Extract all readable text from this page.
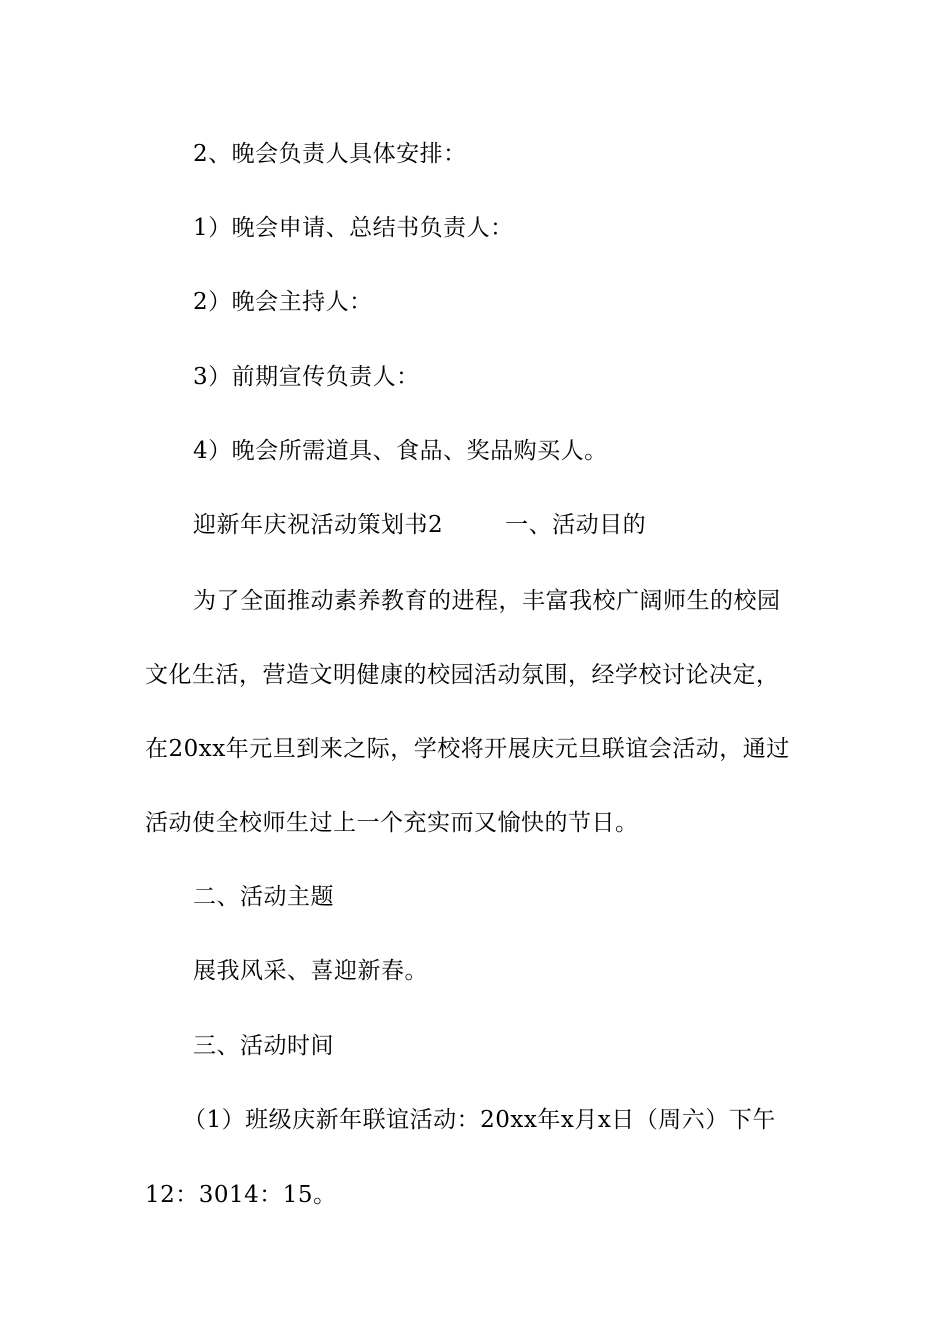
2、晚会负责人具体安排：
1）晚会申请、总结书负责人：
2）晚会主持人：
3）前期宣传负责人：
4）晚会所需道具、食品、奖品购买人。
迎新年庆祝活动策划书2	一、活动目的
为了全面推动素养教育的进程，丰富我校广阔师生的校园
文化生活，营造文明健康的校园活动氛围，经学校讨论决定，
在20xx年元旦到来之际，学校将开展庆元旦联谊会活动，通过
活动使全校师生过上一个充实而又愉快的节日。
二、活动主题
展我风采、喜迎新春。
三、活动时间
（1）班级庆新年联谊活动：20xx年x月x日（周六）下午
12：3014：15。
